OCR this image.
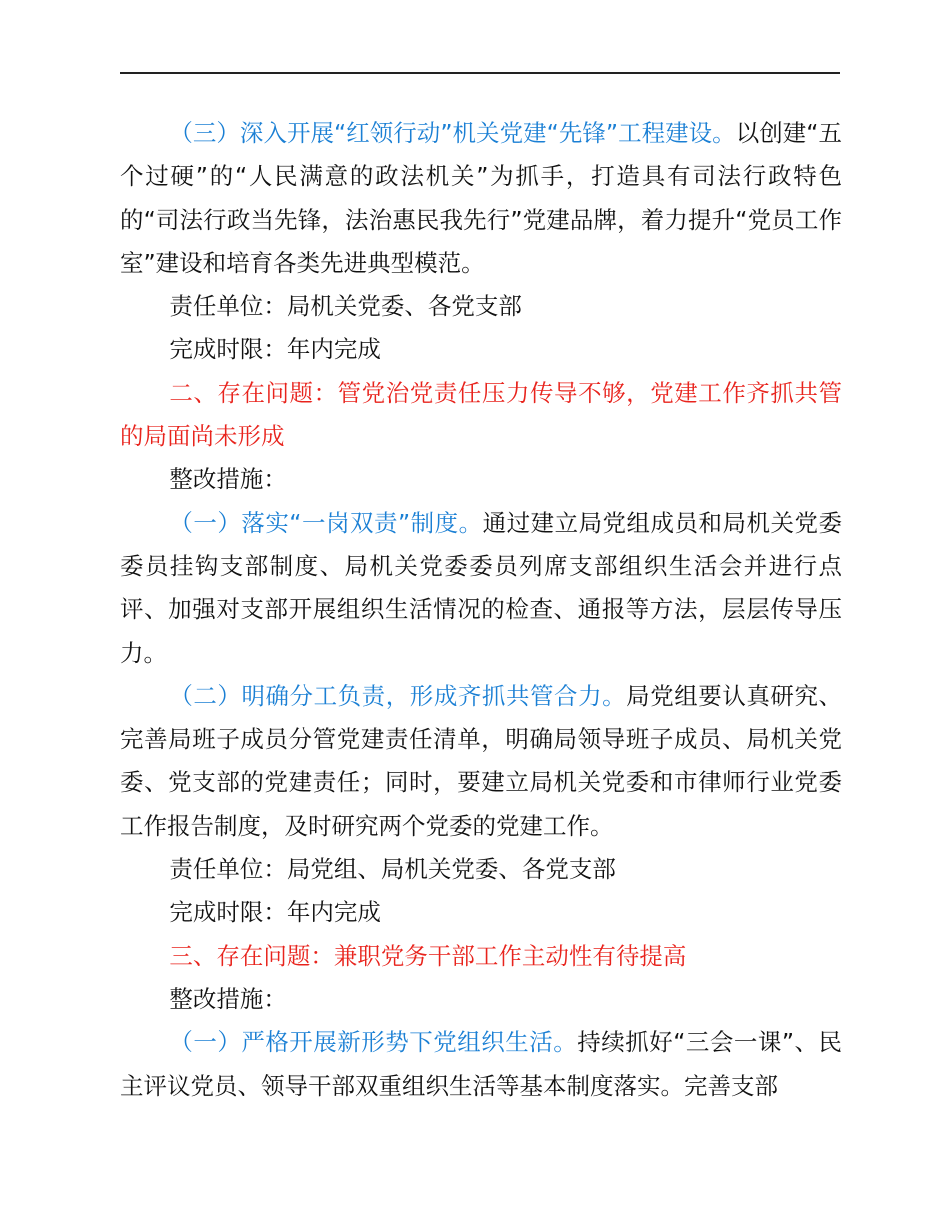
（三）深入开展“红领行动”机关党建“先锋”工程建设。以创建“五个过硬”的“人民满意的政法机关”为抓手，打造具有司法行政特色的“司法行政当先锋，法治惠民我先行”党建品牌，着力提升“党员工作室”建设和培育各类先进典型模范。

责任单位：局机关党委、各党支部

完成时限：年内完成

二、存在问题：管党治党责任压力传导不够，党建工作齐抓共管的局面尚未形成

整改措施：

（一）落实“一岗双责”制度。通过建立局党组成员和局机关党委委员挂钩支部制度、局机关党委委员列席支部组织生活会并进行点评、加强对支部开展组织生活情况的检查、通报等方法，层层传导压力。

（二）明确分工负责，形成齐抓共管合力。局党组要认真研究、完善局班子成员分管党建责任清单，明确局领导班子成员、局机关党委、党支部的党建责任；同时，要建立局机关党委和市律师行业党委工作报告制度，及时研究两个党委的党建工作。

责任单位：局党组、局机关党委、各党支部

完成时限：年内完成

三、存在问题：兼职党务干部工作主动性有待提高

整改措施：

（一）严格开展新形势下党组织生活。持续抓好“三会一课”、民主评议党员、领导干部双重组织生活等基本制度落实。完善支部
